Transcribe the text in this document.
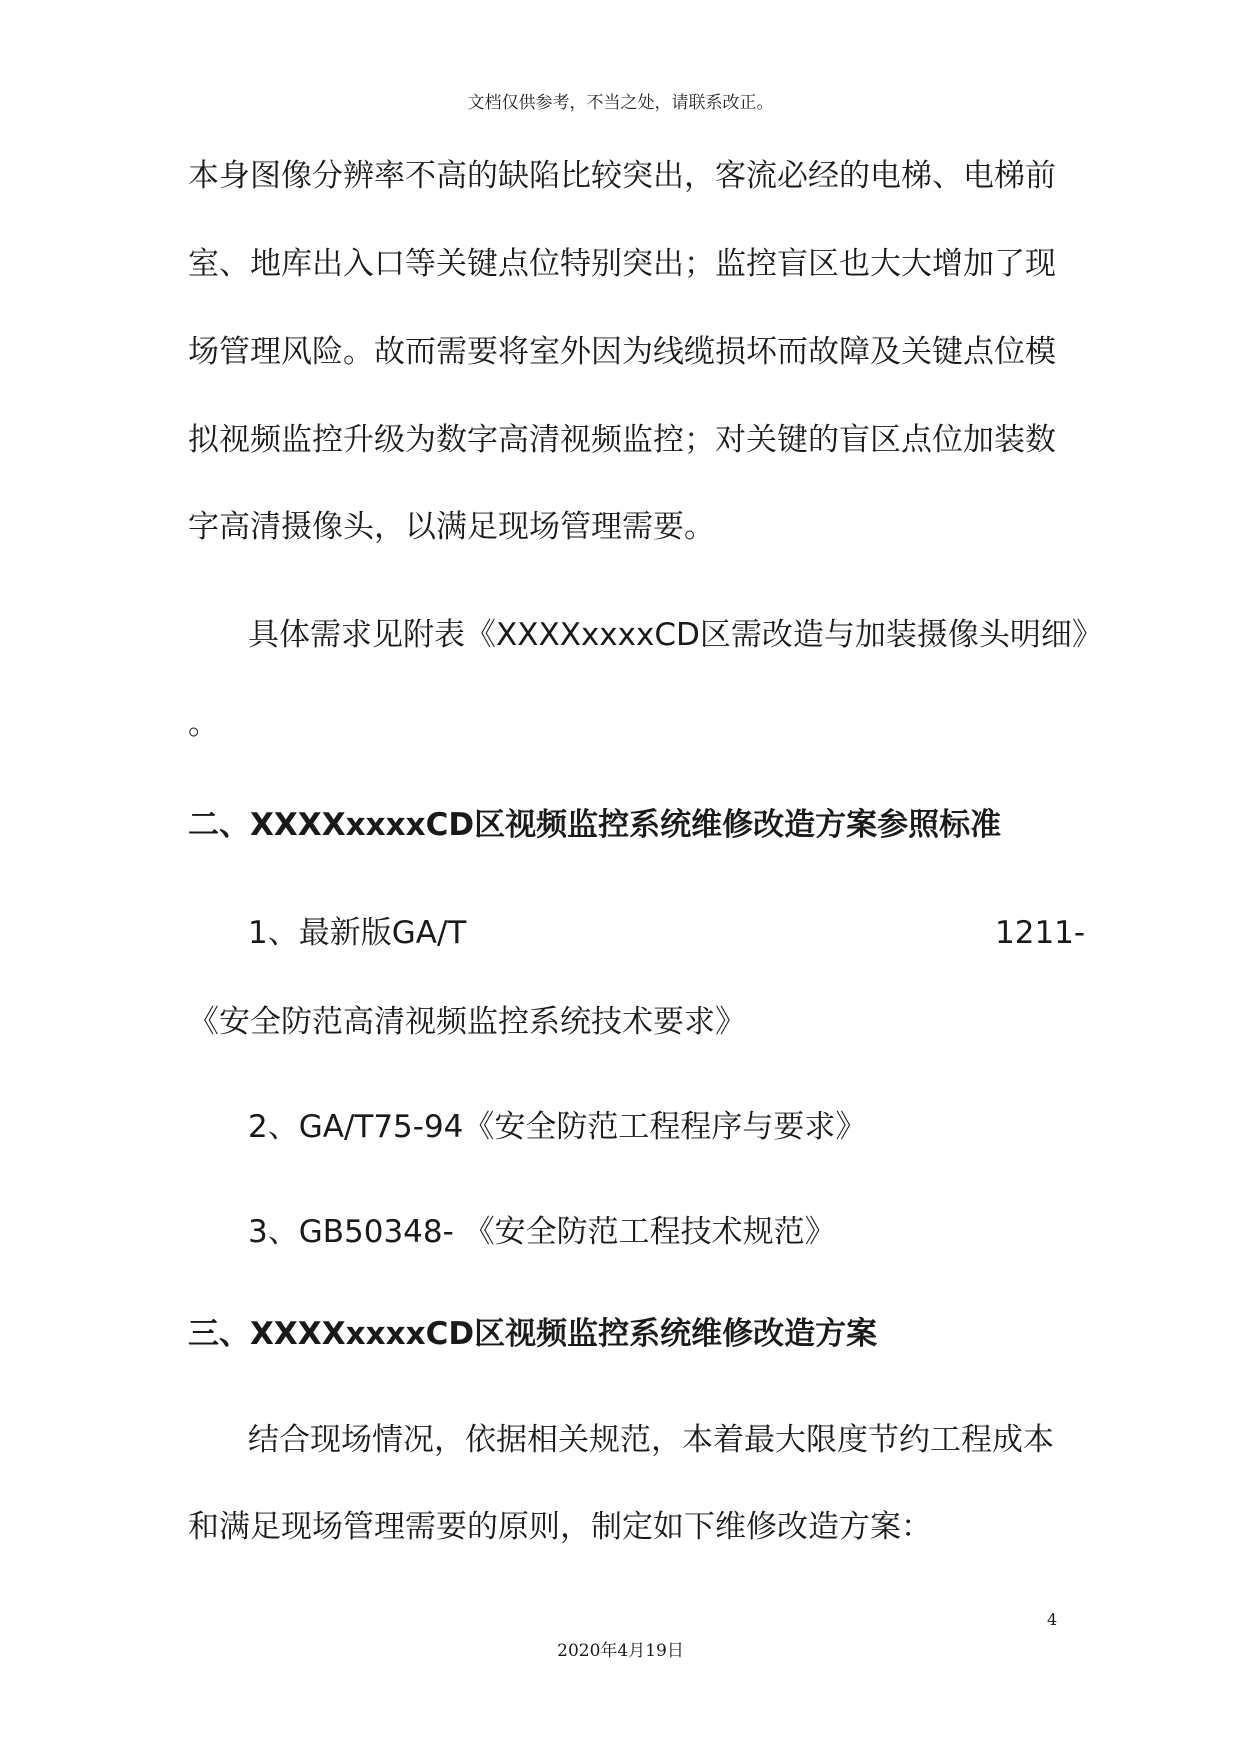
文档仅供参考，不当之处，请联系改正。
本身图像分辨率不高的缺陷比较突出，客流必经的电梯、电梯前
室、地库出入口等关键点位特别突出；监控盲区也大大增加了现
场管理风险。故而需要将室外因为线缆损坏而故障及关键点位模
拟视频监控升级为数字高清视频监控；对关键的盲区点位加装数
字高清摄像头，以满足现场管理需要。
具体需求见附表《XXXXxxxxCD区需改造与加装摄像头明细》
。
二、XXXXxxxxCD区视频监控系统维修改造方案参照标准
1、最新版GA/T	1211-
《安全防范高清视频监控系统技术要求》
2、GA/T75-94《安全防范工程程序与要求》
3、GB50348- 《安全防范工程技术规范》
三、XXXXxxxxCD区视频监控系统维修改造方案
结合现场情况，依据相关规范，本着最大限度节约工程成本
和满足现场管理需要的原则，制定如下维修改造方案：
4
2020年4月19日
